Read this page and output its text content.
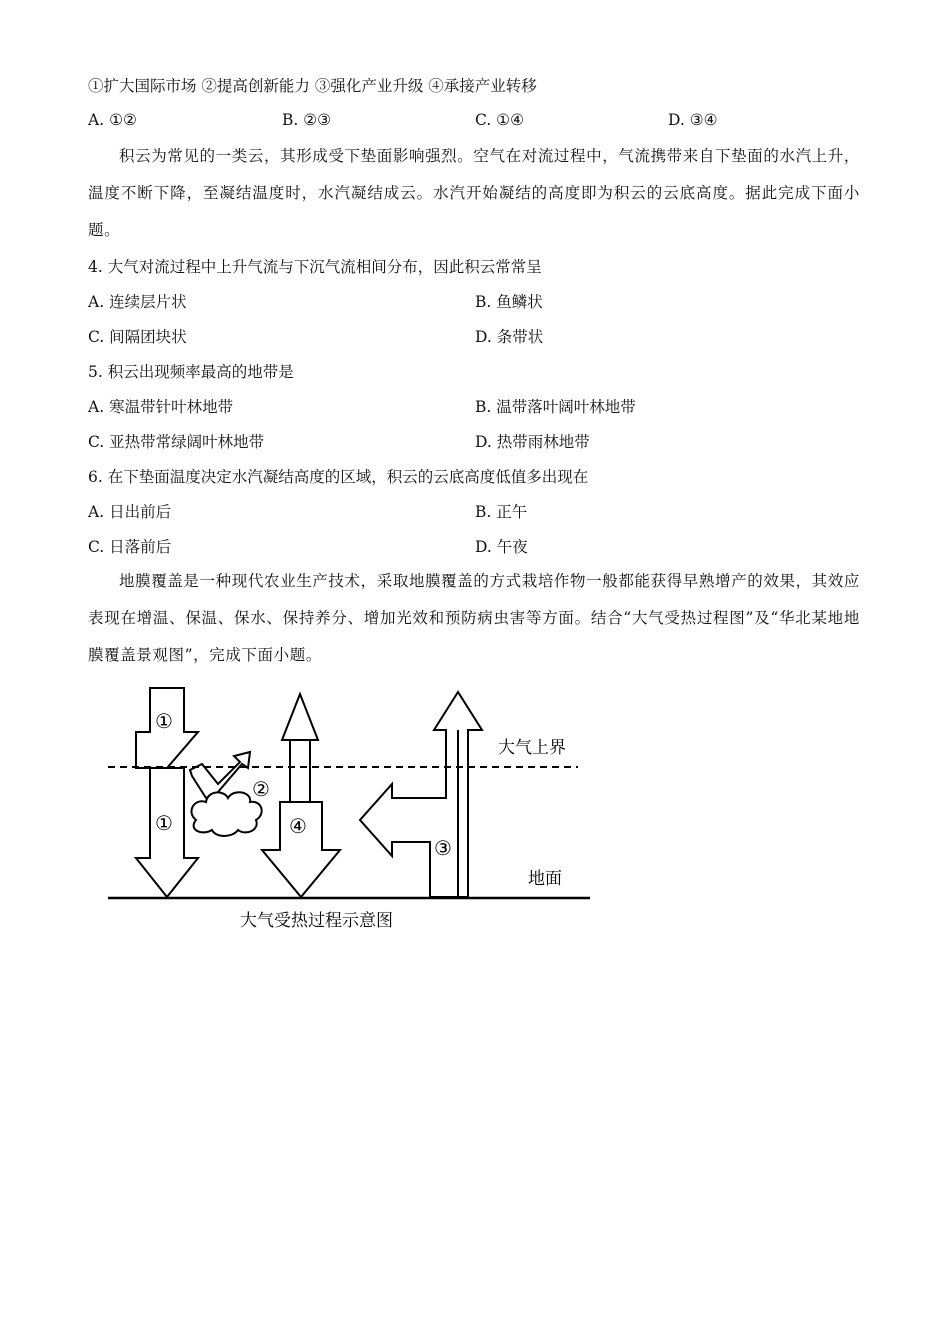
①扩大国际市场 ②提高创新能力 ③强化产业升级 ④承接产业转移
A. ①②	B. ②③	C. ①④	D. ③④
积云为常见的一类云，其形成受下垫面影响强烈。空气在对流过程中，气流携带来自下垫面的水汽上升，温度不断下降，至凝结温度时，水汽凝结成云。水汽开始凝结的高度即为积云的云底高度。据此完成下面小题。
4. 大气对流过程中上升气流与下沉气流相间分布，因此积云常常呈
A. 连续层片状	B. 鱼鳞状
C. 间隔团块状	D. 条带状
5. 积云出现频率最高的地带是
A. 寒温带针叶林地带	B. 温带落叶阔叶林地带
C. 亚热带常绿阔叶林地带	D. 热带雨林地带
6. 在下垫面温度决定水汽凝结高度的区域，积云的云底高度低值多出现在
A. 日出前后	B. 正午
C. 日落前后	D. 午夜
地膜覆盖是一种现代农业生产技术，采取地膜覆盖的方式栽培作物一般都能获得早熟增产的效果，其效应表现在增温、保温、保水、保持养分、增加光效和预防病虫害等方面。结合“大气受热过程图”及“华北某地地膜覆盖景观图”，完成下面小题。
①
①
②
④
③
大气上界
地面
大气受热过程示意图
